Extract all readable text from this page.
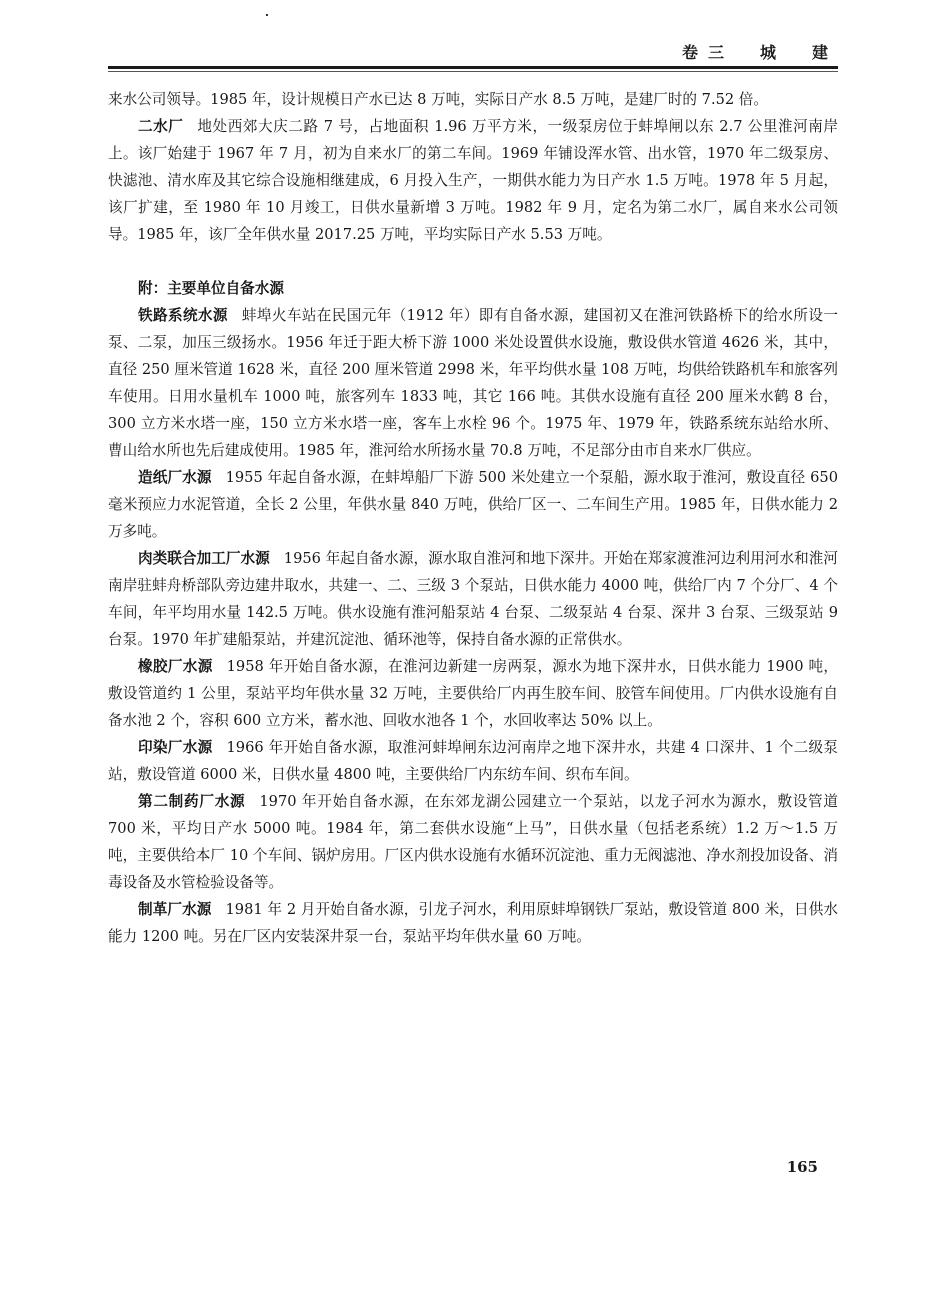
卷三　城　建

来水公司领导。1985 年，设计规模日产水已达 8 万吨，实际日产水 8.5 万吨，是建厂时的 7.52 倍。

二水厂 地处西郊大庆二路 7 号，占地面积 1.96 万平方米，一级泵房位于蚌埠闸以东 2.7 公里淮河南岸上。该厂始建于 1967 年 7 月，初为自来水厂的第二车间。1969 年铺设浑水管、出水管，1970 年二级泵房、快滤池、清水库及其它综合设施相继建成，6 月投入生产，一期供水能力为日产水 1.5 万吨。1978 年 5 月起，该厂扩建，至 1980 年 10 月竣工，日供水量新增 3 万吨。1982 年 9 月，定名为第二水厂，属自来水公司领导。1985 年，该厂全年供水量 2017.25 万吨，平均实际日产水 5.53 万吨。

附：主要单位自备水源

铁路系统水源 蚌埠火车站在民国元年（1912 年）即有自备水源，建国初又在淮河铁路桥下的给水所设一泵、二泵，加压三级扬水。1956 年迁于距大桥下游 1000 米处设置供水设施，敷设供水管道 4626 米，其中，直径 250 厘米管道 1628 米，直径 200 厘米管道 2998 米，年平均供水量 108 万吨，均供给铁路机车和旅客列车使用。日用水量机车 1000 吨，旅客列车 1833 吨，其它 166 吨。其供水设施有直径 200 厘米水鹤 8 台，300 立方米水塔一座，150 立方米水塔一座，客车上水栓 96 个。1975 年、1979 年，铁路系统东站给水所、曹山给水所也先后建成使用。1985 年，淮河给水所扬水量 70.8 万吨，不足部分由市自来水厂供应。

造纸厂水源 1955 年起自备水源，在蚌埠船厂下游 500 米处建立一个泵船，源水取于淮河，敷设直径 650 毫米预应力水泥管道，全长 2 公里，年供水量 840 万吨，供给厂区一、二车间生产用。1985 年，日供水能力 2 万多吨。

肉类联合加工厂水源 1956 年起自备水源，源水取自淮河和地下深井。开始在郑家渡淮河边利用河水和淮河南岸驻蚌舟桥部队旁边建井取水，共建一、二、三级 3 个泵站，日供水能力 4000 吨，供给厂内 7 个分厂、4 个车间，年平均用水量 142.5 万吨。供水设施有淮河船泵站 4 台泵、二级泵站 4 台泵、深井 3 台泵、三级泵站 9 台泵。1970 年扩建船泵站，并建沉淀池、循环池等，保持自备水源的正常供水。

橡胶厂水源 1958 年开始自备水源，在淮河边新建一房两泵，源水为地下深井水，日供水能力 1900 吨，敷设管道约 1 公里，泵站平均年供水量 32 万吨，主要供给厂内再生胶车间、胶管车间使用。厂内供水设施有自备水池 2 个，容积 600 立方米，蓄水池、回收水池各 1 个，水回收率达 50% 以上。

印染厂水源 1966 年开始自备水源，取淮河蚌埠闸东边河南岸之地下深井水，共建 4 口深井、1 个二级泵站，敷设管道 6000 米，日供水量 4800 吨，主要供给厂内东纺车间、织布车间。

第二制药厂水源 1970 年开始自备水源，在东郊龙湖公园建立一个泵站，以龙子河水为源水，敷设管道 700 米，平均日产水 5000 吨。1984 年，第二套供水设施“上马”，日供水量（包括老系统）1.2 万～1.5 万吨，主要供给本厂 10 个车间、锅炉房用。厂区内供水设施有水循环沉淀池、重力无阀滤池、净水剂投加设备、消毒设备及水管检验设备等。

制革厂水源 1981 年 2 月开始自备水源，引龙子河水，利用原蚌埠钢铁厂泵站，敷设管道 800 米，日供水能力 1200 吨。另在厂区内安装深井泵一台，泵站平均年供水量 60 万吨。

165
